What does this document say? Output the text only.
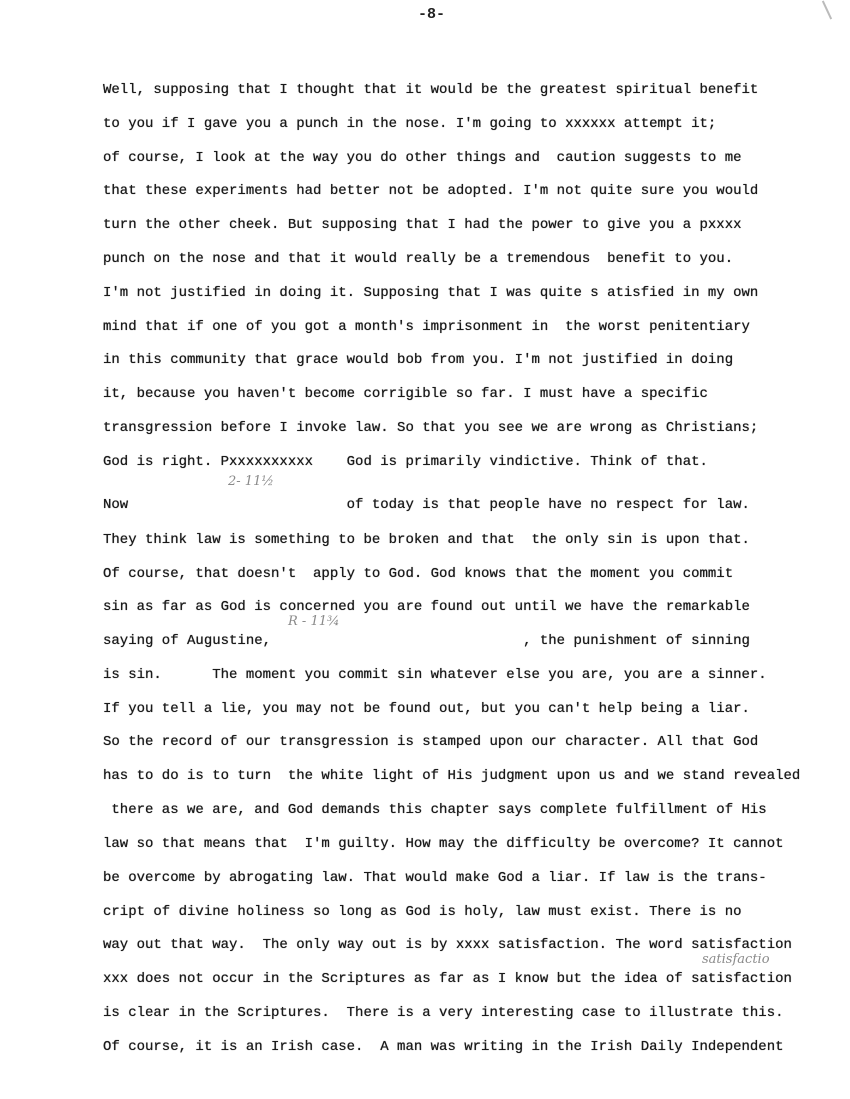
-8-
Well, supposing that I thought that it would be the greatest spiritual benefit
to you if I gave you a punch in the nose. I'm going to xxxxxx attempt it;
of course, I look at the way you do other things and  caution suggests to me
that these experiments had better not be adopted. I'm not quite sure you would
turn the other cheek. But supposing that I had the power to give you a pxxxx
punch on the nose and that it would really be a tremendous  benefit to you.
I'm not justified in doing it. Supposing that I was quite s atisfied in my own
mind that if one of you got a month's imprisonment in  the worst penitentiary
in this community that grace would bob from you. I'm not justified in doing
it, because you haven't become corrigible so far. I must have a specific
transgression before I invoke law. So that you see we are wrong as Christians;
God is right. Pxxxxxxxxxx    God is primarily vindictive. Think of that.
Now                          of today is that people have no respect for law.
They think law is something to be broken and that  the only sin is upon that.
Of course, that doesn't  apply to God. God knows that the moment you commit
sin as far as God is concerned you are found out until we have the remarkable
saying of Augustine,                              , the punishment of sinning
is sin.      The moment you commit sin whatever else you are, you are a sinner.
If you tell a lie, you may not be found out, but you can't help being a liar.
So the record of our transgression is stamped upon our character. All that God
has to do is to turn  the white light of His judgment upon us and we stand revealed
there as we are, and God demands this chapter says complete fulfillment of His
law so that means that  I'm guilty. How may the difficulty be overcome? It cannot
be overcome by abrogating law. That would make God a liar. If law is the trans-
cript of divine holiness so long as God is holy, law must exist. There is no
way out that way.  The only way out is by xxxx satisfaction. The word satisfaction
xxx does not occur in the Scriptures as far as I know but the idea of satisfaction
is clear in the Scriptures.  There is a very interesting case to illustrate this.
Of course, it is an Irish case.  A man was writing in the Irish Daily Independent
2- 11½
R - 11¾
satisfactio
